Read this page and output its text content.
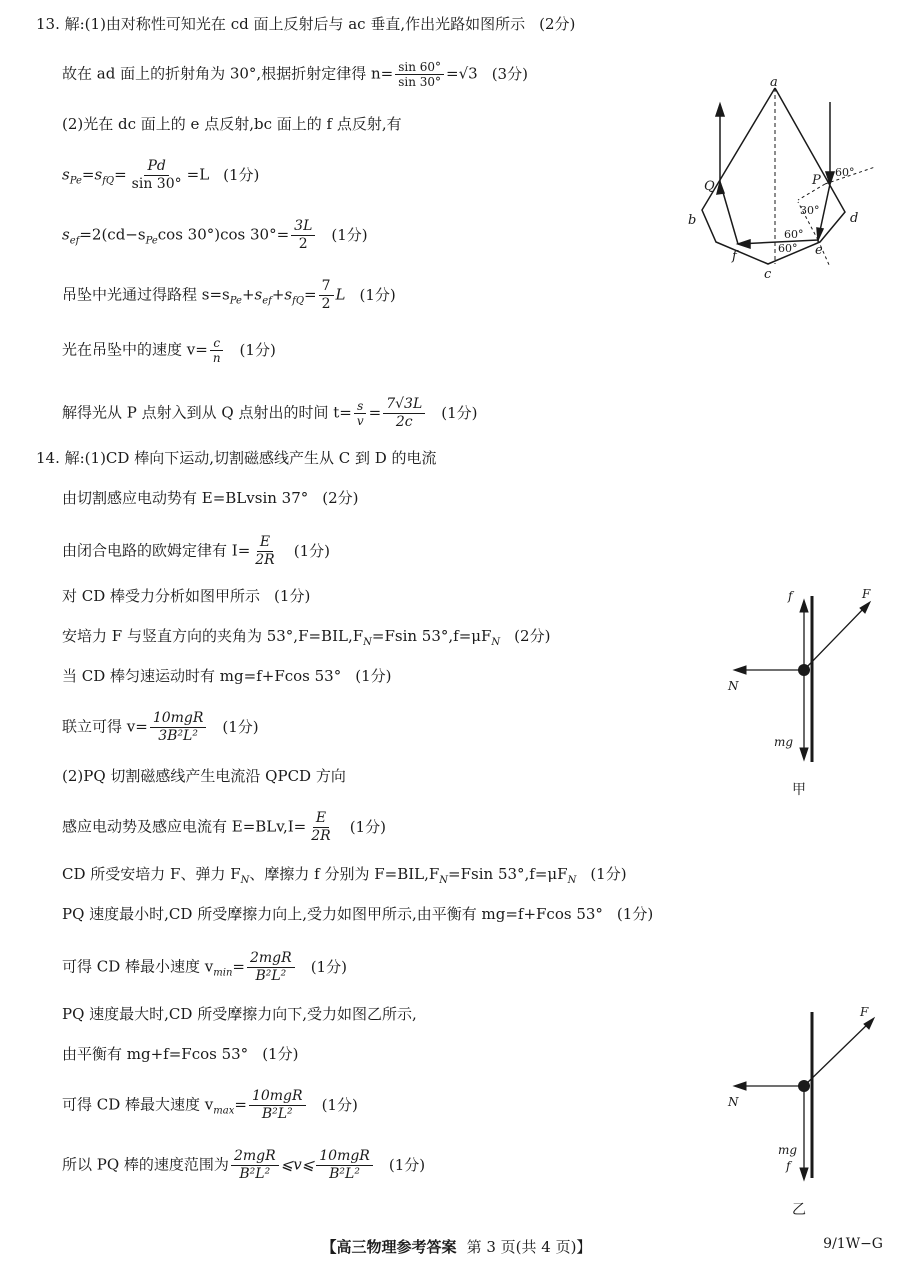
13. 解:(1)由对称性可知光在 cd 面上反射后与 ac 垂直,作出光路如图所示 (2分)
故在 ad 面上的折射角为 30°,根据折射定律得 $n= \frac{\sin 60^\circ}{\sin 30^\circ} =√3$ (3分)
(2)光在 dc 面上的 e 点反射,bc 面上的 f 点反射,有
$s_{Pe}=s_{fQ}= \frac{Pd}{\sin 30^\circ} =L$ (1分)
$s_{ef}=2(cd-s_{Pe}\cos$ 30°)cos $30^\circ= \frac{3L}{2} (1$分)
吊坠中光通过得路程 $s=s_{Pe}+s_{ef}+s_{fQ}= \frac{7}{2}$ L (1分)
光在吊坠中的速度 $v= \frac{c}{n} (1$分)
解得光从 P 点射入到从 Q 点射出的时间 $t= \frac{s}{v} = \frac{7√3L}{2c} (1$分)
a
b
c
d
e
f
P
Q
60°
30°
60°
60°
14. 解:(1)CD 棒向下运动,切割磁感线产生从 C 到 D 的电流
由切割感应电动势有 E=BLvsin 37° (2分)
由闭合电路的欧姆定律有 $I= \frac{E}{2R} (1$分)
对 CD 棒受力分析如图甲所示 (1分)
安培力 F 与竖直方向的夹角为 $53^\circ,F=BIL,F_N=Fsin$ $53^\circ,f=\mu F_N$ (2分)
当 CD 棒匀速运动时有 mg=f+Fcos 53° (1分)
联立可得 $v= \frac{\text{10mgR}}{\text{3B²L²}} (1$分)
(2)PQ 切割磁感线产生电流沿 QPCD 方向
感应电动势及感应电流有 $E=BLv,I= \frac{E}{2R} (1$分)
CD 所受安培力 F、弹力 $F_N$、摩擦力 f 分别为 $F=BIL,F_N=Fsin$ $53^\circ,f=\mu F_N$ (1分)
PQ 速度最小时,CD 所受摩擦力向上,受力如图甲所示,由平衡有 mg=f+Fcos 53° (1分)
可得 CD 棒最小速度 $v_{min}= \frac{\text{2mgR}}{\text{B²L²}} (1$分)
PQ 速度最大时,CD 所受摩擦力向下,受力如图乙所示,
由平衡有 mg+f=Fcos 53° (1分)
可得 CD 棒最大速度 $v_{max}= \frac{\text{10mgR}}{\text{B²L²}} (1$分)
所以 PQ 棒的速度范围为 $\frac{\text{2mgR}}{\text{B²L²}}$ ⩽v⩽ $\frac{\text{10mgR}}{\text{B²L²}} (1$分)
f	F
N
mg
甲
F
N
mg
f
乙
【高三物理参考答案 第 3 页(共 4 页)】	9/1W−G
